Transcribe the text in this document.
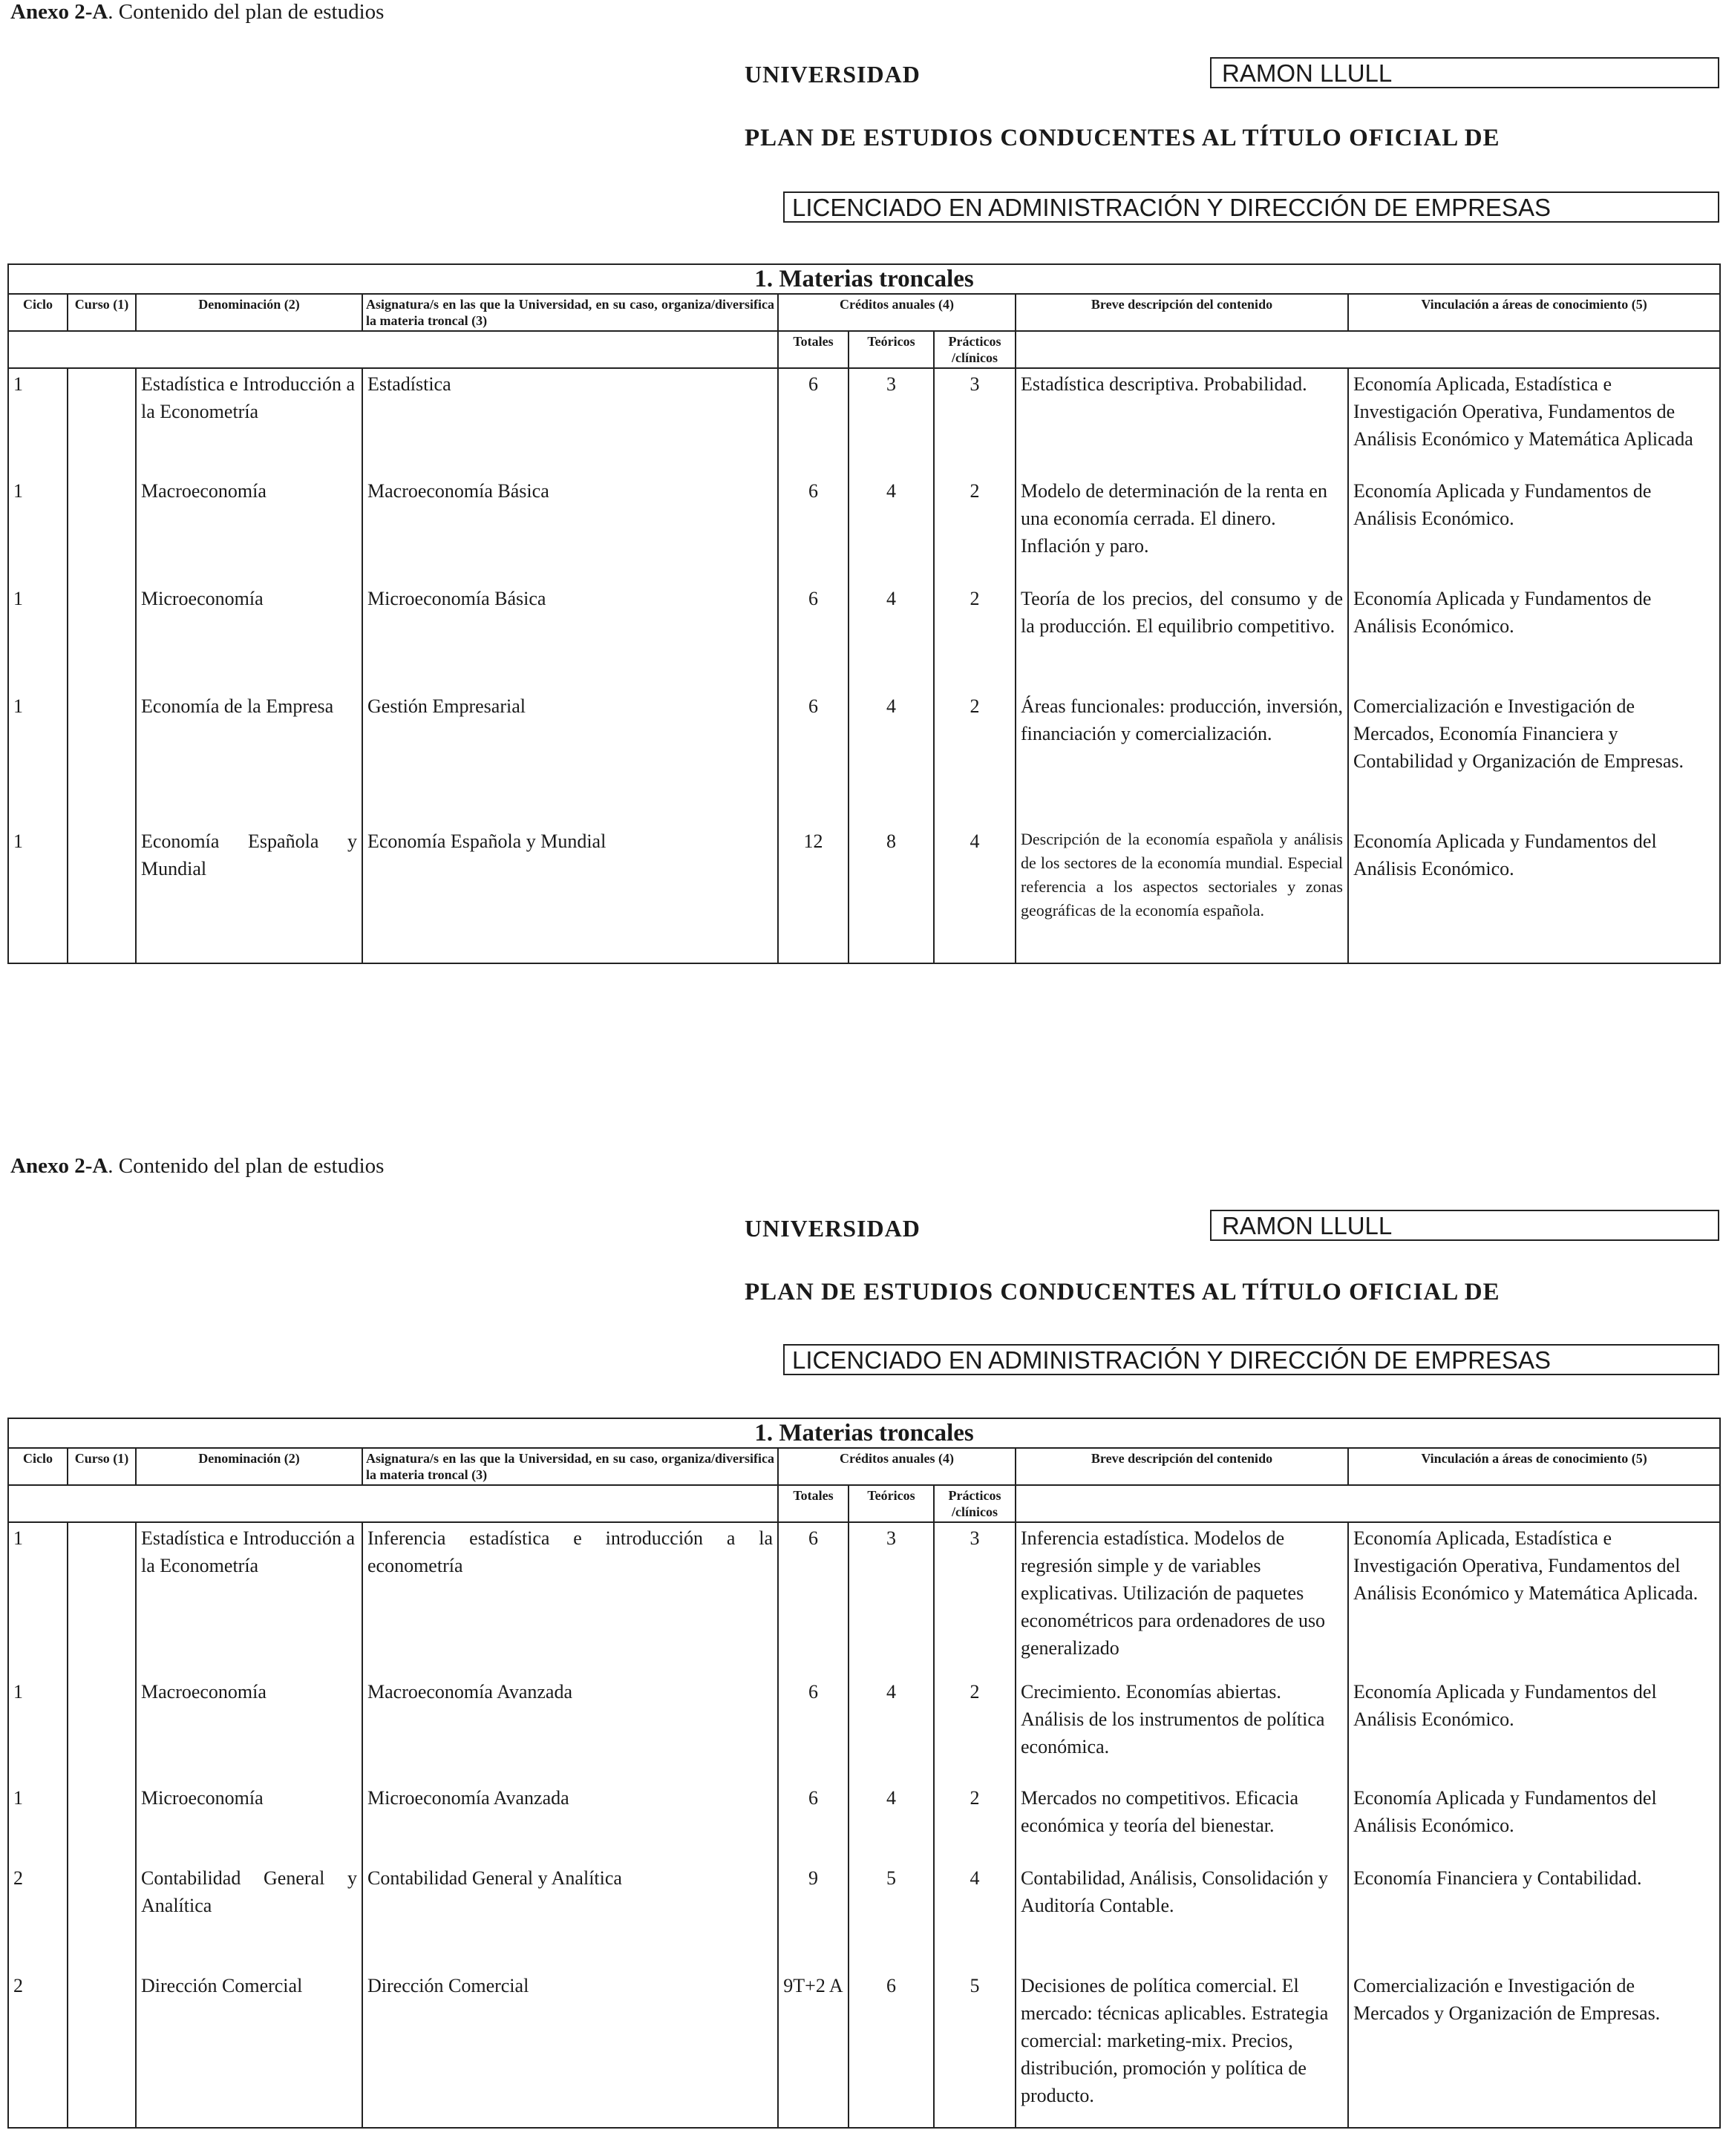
Anexo 2-A. Contenido del plan de estudios
UNIVERSIDAD	RAMON LLULL
PLAN DE ESTUDIOS CONDUCENTES AL TÍTULO OFICIAL DE
LICENCIADO EN ADMINISTRACIÓN Y DIRECCIÓN DE EMPRESAS
1. Materias troncales								
Ciclo	Curso (1)	Denominación (2)	Asignatura/s en las que la Universidad, en su caso, organiza/diversifica la materia troncal (3)	Créditos anuales (4)			Breve descripción del contenido	Vinculación a áreas de conocimiento (5)
				Totales	Teóricos	Prácticos /clínicos		
1		Estadística e Introducción a la Econometría	Estadística	6	3	3	Estadística descriptiva. Probabilidad.	Economía Aplicada, Estadística e Investigación Operativa, Fundamentos de Análisis Económico y Matemática Aplicada
1		Macroeconomía	Macroeconomía Básica	6	4	2	Modelo de determinación de la renta en una economía cerrada. El dinero. Inflación y paro.	Economía Aplicada y Fundamentos de Análisis Económico.
1		Microeconomía	Microeconomía Básica	6	4	2	Teoría de los precios, del consumo y de la producción. El equilibrio competitivo.	Economía Aplicada y Fundamentos de Análisis Económico.
1		Economía de la Empresa	Gestión Empresarial	6	4	2	Áreas funcionales: producción, inversión, financiación y comercialización.	Comercialización e Investigación de Mercados, Economía Financiera y Contabilidad y Organización de Empresas.
1		Economía Española y Mundial	Economía Española y Mundial	12	8	4	Descripción de la economía española y análisis de los sectores de la economía mundial. Especial referencia a los aspectos sectoriales y zonas geográficas de la economía española.	Economía Aplicada y Fundamentos del Análisis Económico.
Anexo 2-A. Contenido del plan de estudios
UNIVERSIDAD	RAMON LLULL
PLAN DE ESTUDIOS CONDUCENTES AL TÍTULO OFICIAL DE
LICENCIADO EN ADMINISTRACIÓN Y DIRECCIÓN DE EMPRESAS
1. Materias troncales								
Ciclo	Curso (1)	Denominación (2)	Asignatura/s en las que la Universidad, en su caso, organiza/diversifica la materia troncal (3)	Créditos anuales (4)			Breve descripción del contenido	Vinculación a áreas de conocimiento (5)
				Totales	Teóricos	Prácticos /clínicos		
1		Estadística e Introducción a la Econometría	Inferencia estadística e introducción a la econometría	6	3	3	Inferencia estadística. Modelos de regresión simple y de variables explicativas. Utilización de paquetes econométricos para ordenadores de uso generalizado	Economía Aplicada, Estadística e Investigación Operativa, Fundamentos del Análisis Económico y Matemática Aplicada.
1		Macroeconomía	Macroeconomía Avanzada	6	4	2	Crecimiento. Economías abiertas. Análisis de los instrumentos de política económica.	Economía Aplicada y Fundamentos del Análisis Económico.
1		Microeconomía	Microeconomía Avanzada	6	4	2	Mercados no competitivos. Eficacia económica y teoría del bienestar.	Economía Aplicada y Fundamentos del Análisis Económico.
2		Contabilidad General y Analítica	Contabilidad General y Analítica	9	5	4	Contabilidad, Análisis, Consolidación y Auditoría Contable.	Economía Financiera y Contabilidad.
2		Dirección Comercial	Dirección Comercial	9T+2 A	6	5	Decisiones de política comercial. El mercado: técnicas aplicables. Estrategia comercial: marketing-mix. Precios, distribución, promoción y política de producto.	Comercialización e Investigación de Mercados y Organización de Empresas.
